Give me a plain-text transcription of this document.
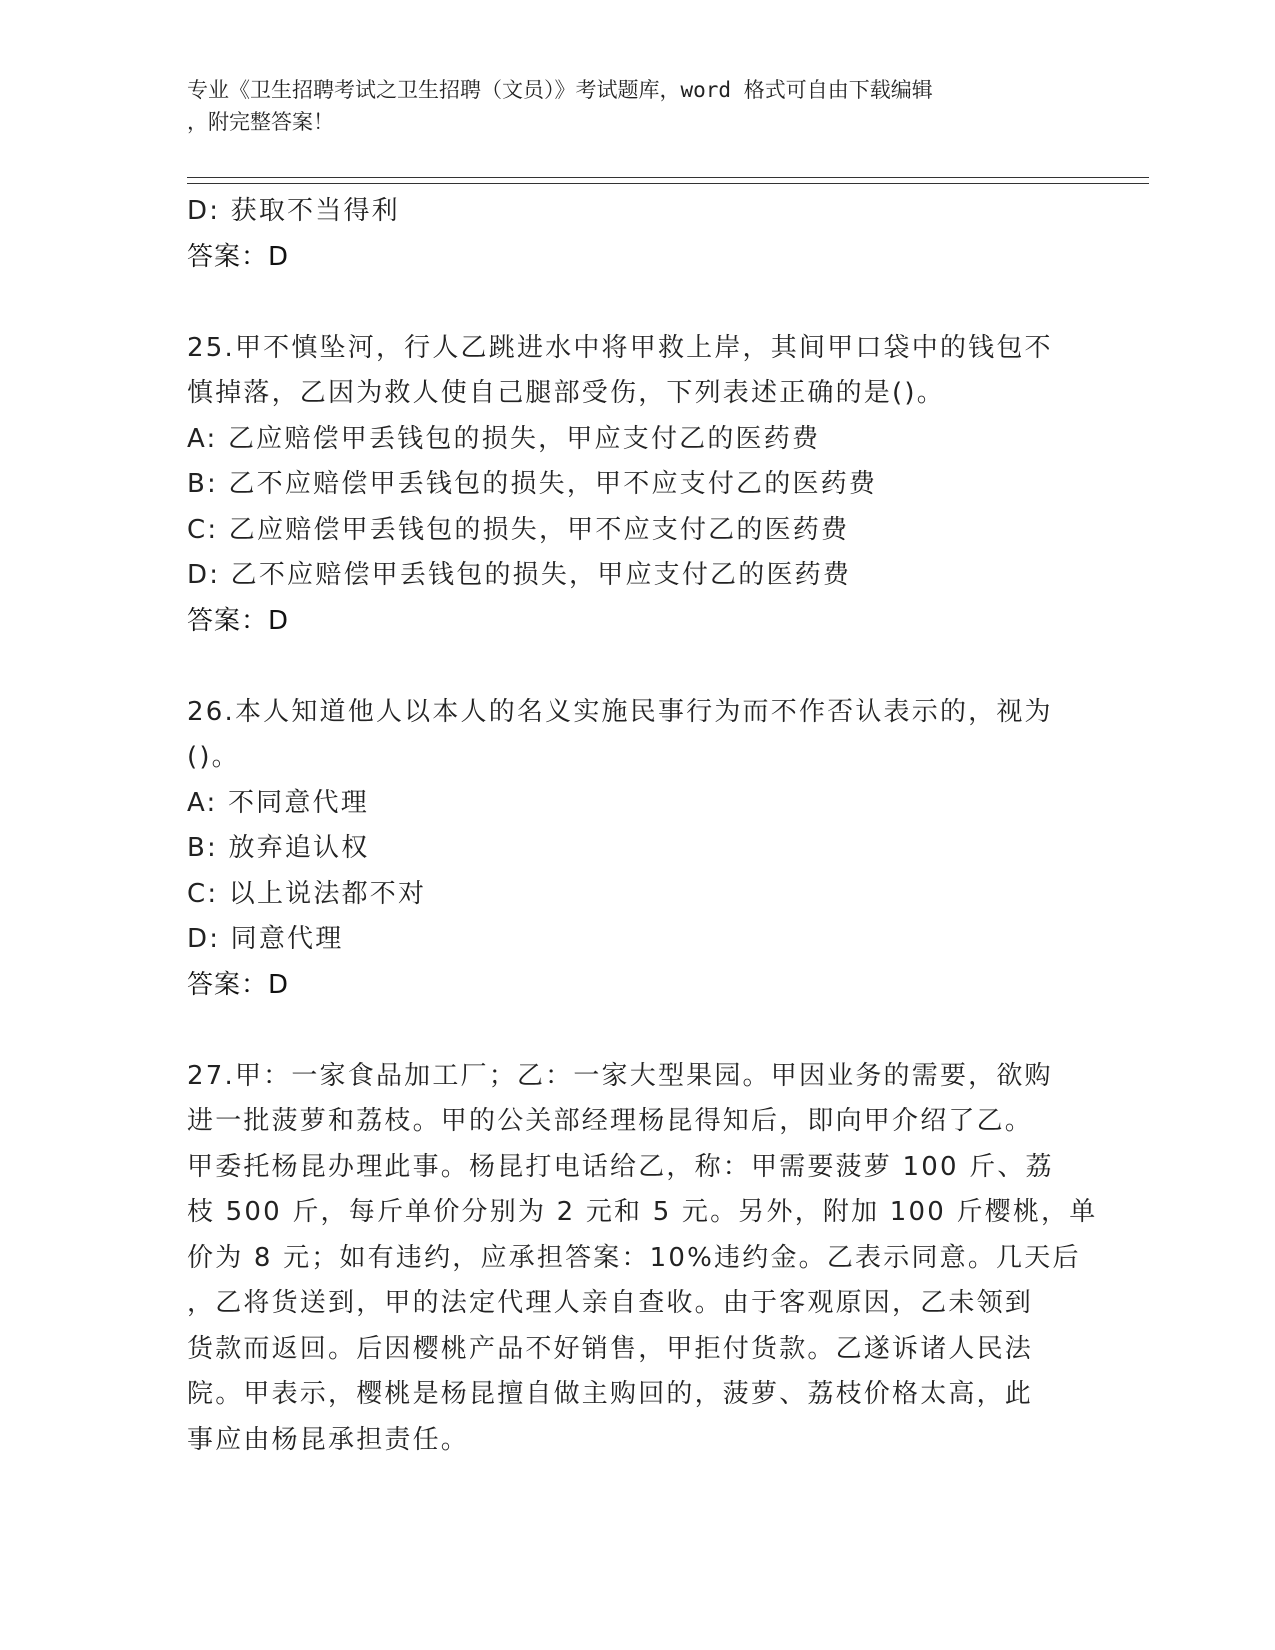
专业《卫生招聘考试之卫生招聘（文员）》考试题库，word 格式可自由下载编辑
，附完整答案！
D: 获取不当得利
答案：D
25.甲不慎坠河，行人乙跳进水中将甲救上岸，其间甲口袋中的钱包不
慎掉落，乙因为救人使自己腿部受伤，下列表述正确的是()。
A: 乙应赔偿甲丢钱包的损失，甲应支付乙的医药费
B: 乙不应赔偿甲丢钱包的损失，甲不应支付乙的医药费
C: 乙应赔偿甲丢钱包的损失，甲不应支付乙的医药费
D: 乙不应赔偿甲丢钱包的损失，甲应支付乙的医药费
答案：D
26.本人知道他人以本人的名义实施民事行为而不作否认表示的，视为
()。
A: 不同意代理
B: 放弃追认权
C: 以上说法都不对
D: 同意代理
答案：D
27.甲：一家食品加工厂；乙：一家大型果园。甲因业务的需要，欲购
进一批菠萝和荔枝。甲的公关部经理杨昆得知后，即向甲介绍了乙。
甲委托杨昆办理此事。杨昆打电话给乙，称：甲需要菠萝 100 斤、荔
枝 500 斤，每斤单价分别为 2 元和 5 元。另外，附加 100 斤樱桃，单
价为 8 元；如有违约，应承担答案：10%违约金。乙表示同意。几天后
，乙将货送到，甲的法定代理人亲自查收。由于客观原因，乙未领到
货款而返回。后因樱桃产品不好销售，甲拒付货款。乙遂诉诸人民法
院。甲表示，樱桃是杨昆擅自做主购回的，菠萝、荔枝价格太高，此
事应由杨昆承担责任。
